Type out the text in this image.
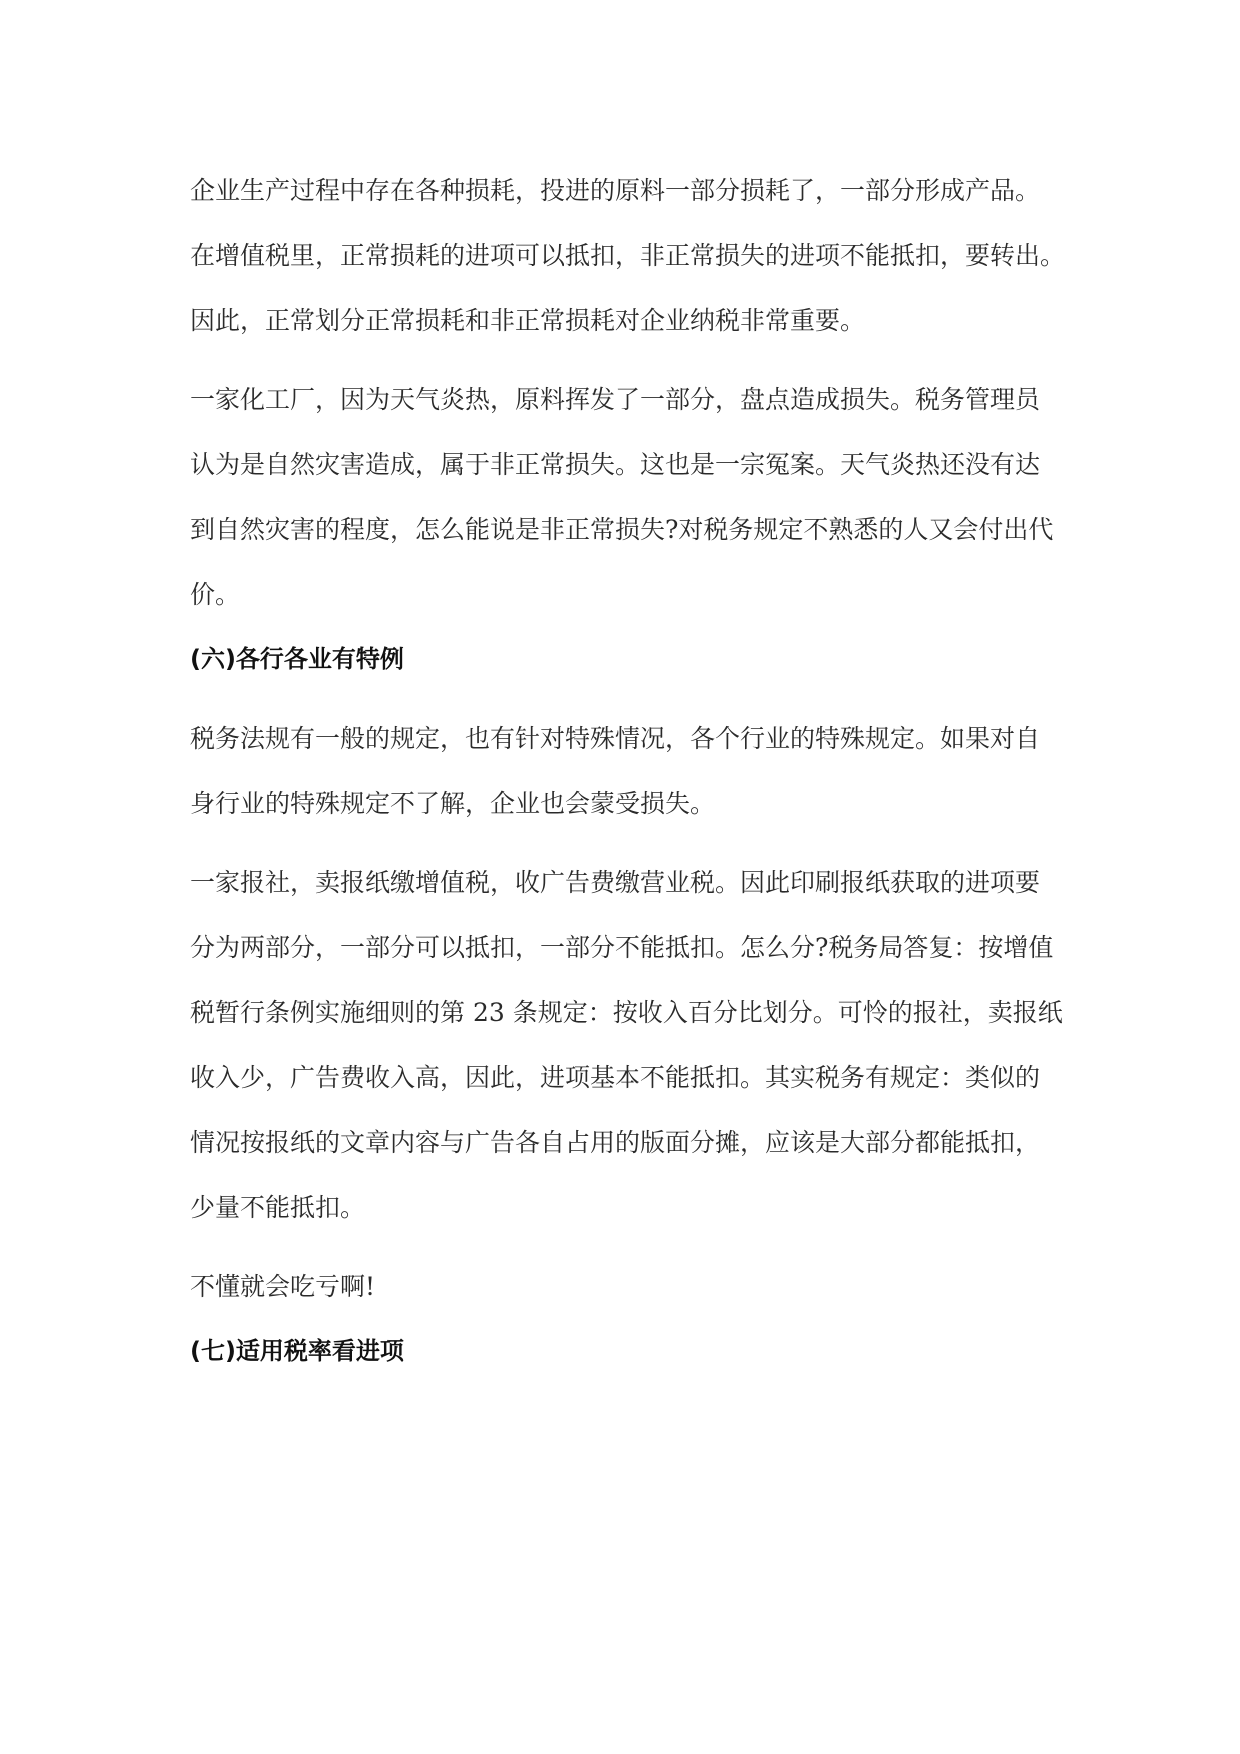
企业生产过程中存在各种损耗，投进的原料一部分损耗了，一部分形成产品。
在增值税里，正常损耗的进项可以抵扣，非正常损失的进项不能抵扣，要转出。
因此，正常划分正常损耗和非正常损耗对企业纳税非常重要。

一家化工厂，因为天气炎热，原料挥发了一部分，盘点造成损失。税务管理员
认为是自然灾害造成，属于非正常损失。这也是一宗冤案。天气炎热还没有达
到自然灾害的程度，怎么能说是非正常损失?对税务规定不熟悉的人又会付出代
价。

(六)各行各业有特例

税务法规有一般的规定，也有针对特殊情况，各个行业的特殊规定。如果对自
身行业的特殊规定不了解，企业也会蒙受损失。

一家报社，卖报纸缴增值税，收广告费缴营业税。因此印刷报纸获取的进项要
分为两部分，一部分可以抵扣，一部分不能抵扣。怎么分?税务局答复：按增值
税暂行条例实施细则的第 23 条规定：按收入百分比划分。可怜的报社，卖报纸
收入少，广告费收入高，因此，进项基本不能抵扣。其实税务有规定：类似的
情况按报纸的文章内容与广告各自占用的版面分摊，应该是大部分都能抵扣，
少量不能抵扣。

不懂就会吃亏啊!

(七)适用税率看进项
